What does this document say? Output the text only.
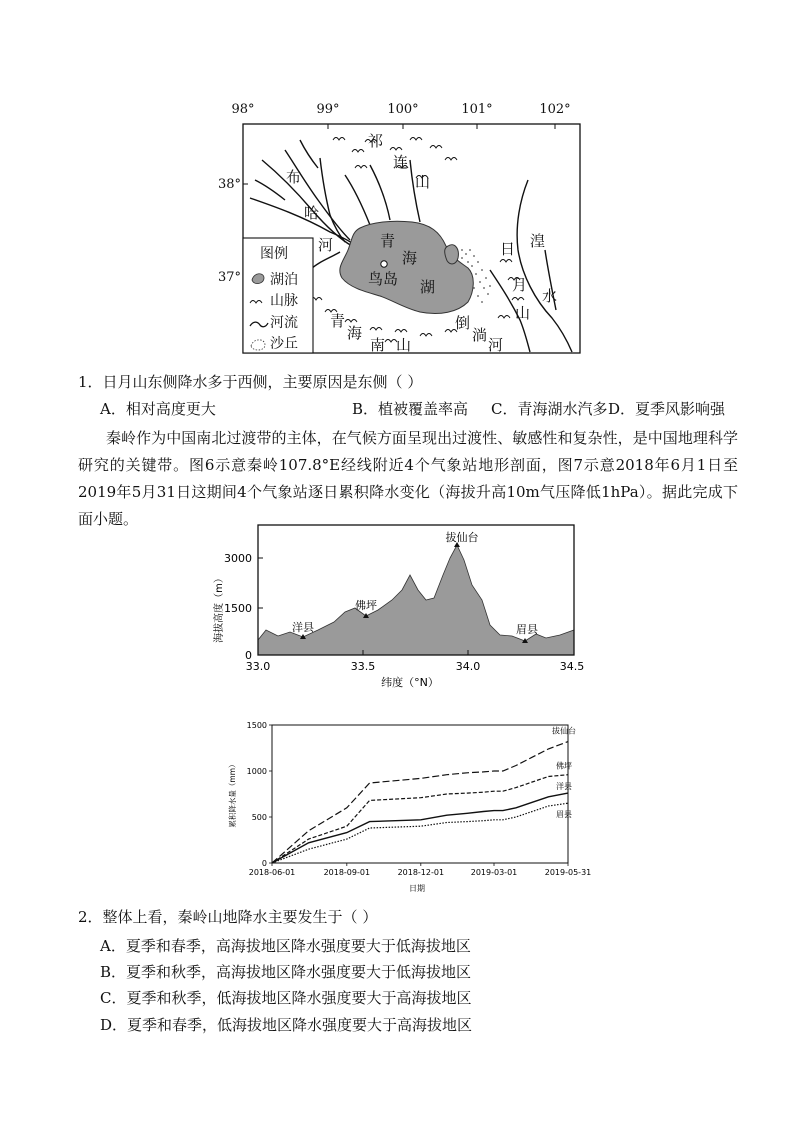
98°	99°	100°	101°	102°
38°
37°
祁
连
山
布
哈
河	青
海
湖
鸟岛
日
月
山
湟
水
青
海
南 山
倒
淌
河
图例
湖泊
山脉
河流
沙丘
1．日月山东侧降水多于西侧，主要原因是东侧（ ）
A．相对高度更大	B．植被覆盖率高 C．青海湖水汽多 D．夏季风影响强
秦岭作为中国南北过渡带的主体，在气候方面呈现出过渡性、敏感性和复杂性，是中国地理科学研究的关键带。图6示意秦岭107.8°E经线附近4个气象站地形剖面，图7示意2018年6月1日至2019年5月31日这期间4个气象站逐日累积降水变化（海拔升高10m气压降低1hPa）。据此完成下面小题。
3000
1500
0
33.0	33.5	34.0	34.5
纬度（°N）
海拔高度（m）	洋县
佛坪
拔仙台
眉县
1500
1000
500
0
2018-06-01	2018-09-01	2018-12-01	2019-03-01	2019-05-31
拔仙台
佛坪
洋县
眉县
日期
累积降水量（mm）
2．整体上看，秦岭山地降水主要发生于（ ）
A．夏季和春季，高海拔地区降水强度要大于低海拔地区
B．夏季和秋季，高海拔地区降水强度要大于低海拔地区
C．夏季和秋季，低海拔地区降水强度要大于高海拔地区
D．夏季和春季，低海拔地区降水强度要大于高海拔地区
